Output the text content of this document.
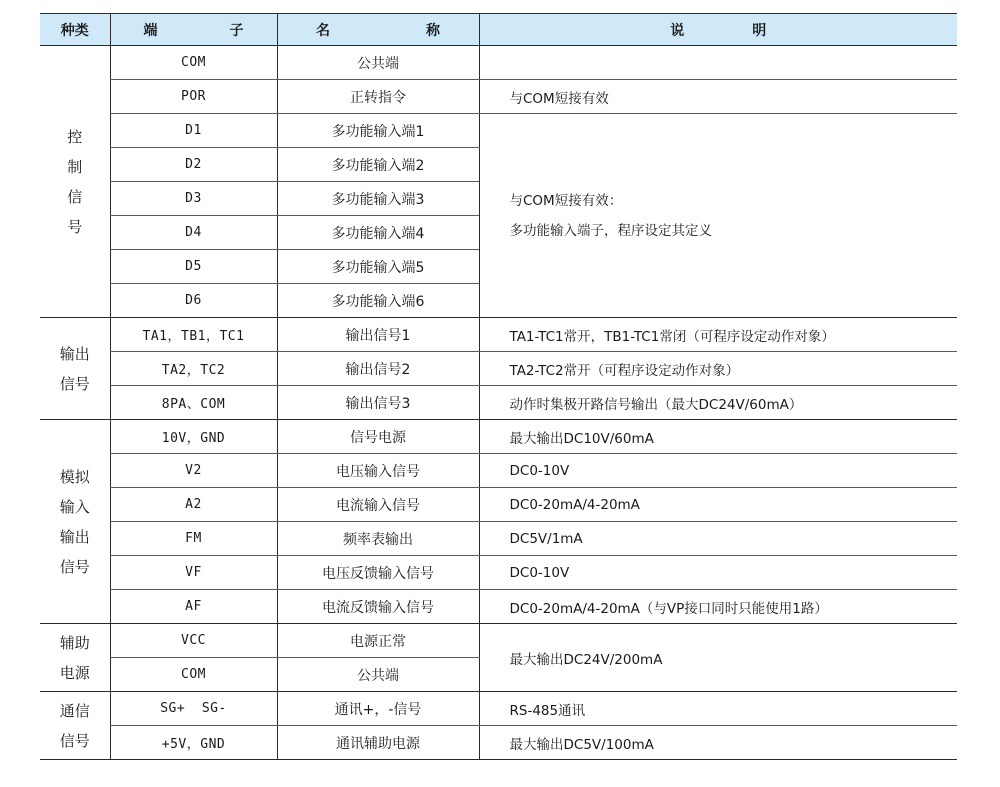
种类	端 子	名 称	说 明

控
制
信
号	COM	公共端	
	POR	正转指令	与COM短接有效
	D1	多功能输入端1	与COM短接有效：
多功能输入端子，程序设定其定义

	D2	多功能输入端2	
	D3	多功能输入端3	
	D4	多功能输入端4	
	D5	多功能输入端5	
	D6	多功能输入端6	

输出
信号	TA1，TB1，TC1	输出信号1	TA1-TC1常开，TB1-TC1常闭（可程序设定动作对象）
	TA2，TC2	输出信号2	TA2-TC2常开（可程序设定动作对象）
	8PA、COM	输出信号3	动作时集极开路信号输出（最大DC24V/60mA）

模拟
输入
输出
信号	10V，GND	信号电源	最大输出DC10V/60mA
	V2	电压输入信号	DC0-10V
	A2	电流输入信号	DC0-20mA/4-20mA
	FM	频率表输出	DC5V/1mA
	VF	电压反馈输入信号	DC0-10V
	AF	电流反馈输入信号	DC0-20mA/4-20mA（与VP接口同时只能使用1路）

辅助
电源	VCC	电源正常	最大输出DC24V/200mA
	COM	公共端	

通信
信号	SG+  SG-	通讯+，-信号	RS-485通讯
	+5V，GND	通讯辅助电源	最大输出DC5V/100mA
